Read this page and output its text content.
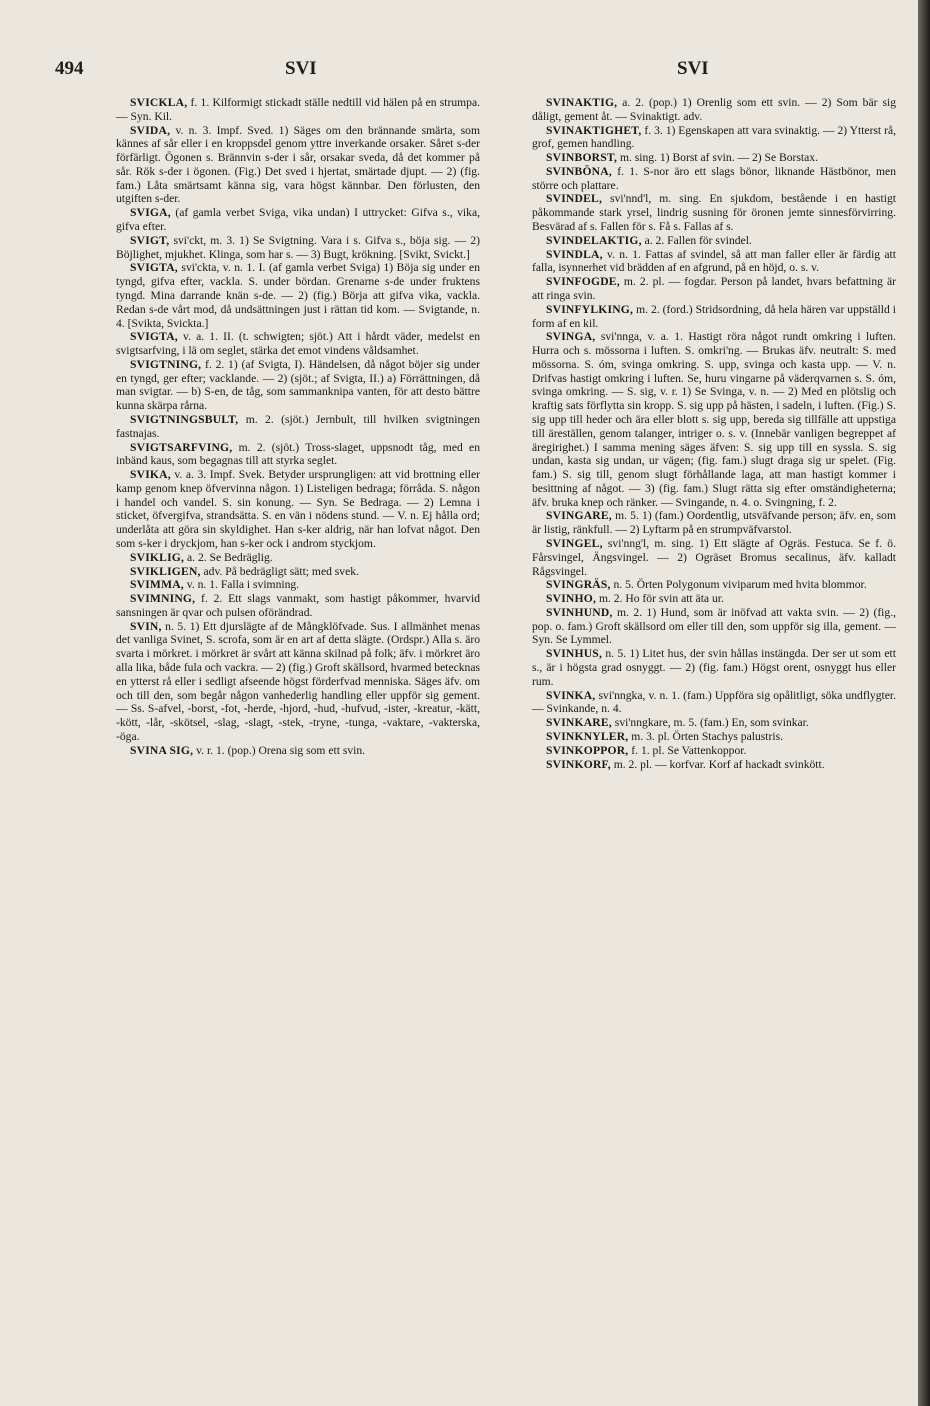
494	SVI	SVI

SVICKLA, f. 1. Kilformigt stickadt ställe nedtill vid hälen på en strumpa. — Syn. Kil.

SVIDA, v. n. 3. Impf. Sved. 1) Säges om den brännande smärta, som kännes af sår eller i en kroppsdel genom yttre inverkande orsaker. Såret s-der förfärligt. Ögonen s. Brännvin s-der i sår, orsakar sveda, då det kommer på sår. Rök s-der i ögonen. (Fig.) Det sved i hjertat, smärtade djupt. — 2) (fig. fam.) Låta smärtsamt känna sig, vara högst kännbar. Den förlusten, den utgiften s-der.

SVIGA, (af gamla verbet Sviga, vika undan) I uttrycket: Gifva s., vika, gifva efter.

SVIGT, svi'ckt, m. 3. 1) Se Svigtning. Vara i s. Gifva s., böja sig. — 2) Böjlighet, mjukhet. Klinga, som har s. — 3) Bugt, krökning. [Svikt, Svickt.]

SVIGTA, svi'ckta, v. n. 1. I. (af gamla verbet Sviga) 1) Böja sig under en tyngd, gifva efter, vackla. S. under bördan. Grenarne s-de under fruktens tyngd. Mina darrande knän s-de. — 2) (fig.) Börja att gifva vika, vackla. Redan s-de vårt mod, då undsättningen just i rättan tid kom. — Svigtande, n. 4. [Svikta, Svickta.]

SVIGTA, v. a. 1. II. (t. schwigten; sjöt.) Att i hårdt väder, medelst en svigtsarfving, i lä om seglet, stärka det emot vindens våldsamhet.

SVIGTNING, f. 2. 1) (af Svigta, I). Händelsen, då något böjer sig under en tyngd, ger efter; vacklande. — 2) (sjöt.; af Svigta, II.) a) Förrättningen, då man svigtar. — b) S-en, de tåg, som sammanknipa vanten, för att desto bättre kunna skärpa rårna.

SVIGTNINGSBULT, m. 2. (sjöt.) Jernbult, till hvilken svigtningen fastnajas.

SVIGTSARFVING, m. 2. (sjöt.) Tross-slaget, uppsnodt tåg, med en inbänd kaus, som begagnas till att styrka seglet.

SVIKA, v. a. 3. Impf. Svek. Betyder ursprungligen: att vid brottning eller kamp genom knep öfvervinna någon. 1) Listeligen bedraga; förråda. S. någon i handel och vandel. S. sin konung. — Syn. Se Bedraga. — 2) Lemna i sticket, öfvergifva, strandsätta. S. en vän i nödens stund. — V. n. Ej hålla ord; underlåta att göra sin skyldighet. Han s-ker aldrig, när han lofvat något. Den som s-ker i dryckjom, han s-ker ock i androm styckjom.

SVIKLIG, a. 2. Se Bedräglig.

SVIKLIGEN, adv. På bedrägligt sätt; med svek.

SVIMMA, v. n. 1. Falla i svimning.

SVIMNING, f. 2. Ett slags vanmakt, som hastigt påkommer, hvarvid sansningen är qvar och pulsen oförändrad.

SVIN, n. 5. 1) Ett djurslägte af de Mångklöfvade. Sus. I allmänhet menas det vanliga Svinet, S. scrofa, som är en art af detta slägte. (Ordspr.) Alla s. äro svarta i mörkret. i mörkret är svårt att känna skilnad på folk; äfv. i mörkret äro alla lika, både fula och vackra. — 2) (fig.) Groft skällsord, hvarmed betecknas en ytterst rå eller i sedligt afseende högst förderfvad menniska. Säges äfv. om och till den, som begår någon vanhederlig handling eller uppför sig gement. — Ss. S-afvel, -borst, -fot, -herde, -hjord, -hud, -hufvud, -ister, -kreatur, -kätt, -kött, -lår, -skötsel, -slag, -slagt, -stek, -tryne, -tunga, -vaktare, -vakterska, -öga.

SVINA SIG, v. r. 1. (pop.) Orena sig som ett svin.

SVINAKTIG, a. 2. (pop.) 1) Orenlig som ett svin. — 2) Som bär sig dåligt, gement åt. — Svinaktigt. adv.

SVINAKTIGHET, f. 3. 1) Egenskapen att vara svinaktig. — 2) Ytterst rå, grof, gemen handling.

SVINBORST, m. sing. 1) Borst af svin. — 2) Se Borstax.

SVINBÖNA, f. 1. S-nor äro ett slags bönor, liknande Hästbönor, men större och plattare.

SVINDEL, svi'nnd'l, m. sing. En sjukdom, bestående i en hastigt påkommande stark yrsel, lindrig susning för öronen jemte sinnesförvirring. Besvärad af s. Fallen för s. Få s. Fallas af s.

SVINDELAKTIG, a. 2. Fallen för svindel.

SVINDLA, v. n. 1. Fattas af svindel, så att man faller eller är färdig att falla, isynnerhet vid brädden af en afgrund, på en höjd, o. s. v.

SVINFOGDE, m. 2. pl. — fogdar. Person på landet, hvars befattning är att ringa svin.

SVINFYLKING, m. 2. (ford.) Stridsordning, då hela hären var uppställd i form af en kil.

SVINGA, svi'nnga, v. a. 1. Hastigt röra något rundt omkring i luften. Hurra och s. mössorna i luften. S. omkri'ng. — Brukas äfv. neutralt: S. med mössorna. S. óm, svinga omkring. S. upp, svinga och kasta upp. — V. n. Drifvas hastigt omkring i luften. Se, huru vingarne på väderqvarnen s. S. óm, svinga omkring. — S. sig, v. r. 1) Se Svinga, v. n. — 2) Med en plötslig och kraftig sats förflytta sin kropp. S. sig upp på hästen, i sadeln, i luften. (Fig.) S. sig upp till heder och ära eller blott s. sig upp, bereda sig tillfälle att uppstiga till äreställen, genom talanger, intriger o. s. v. (Innebär vanligen begreppet af äregirighet.) I samma mening säges äfven: S. sig upp till en syssla. S. sig undan, kasta sig undan, ur vägen; (fig. fam.) slugt draga sig ur spelet. (Fig. fam.) S. sig till, genom slugt förhållande laga, att man hastigt kommer i besittning af något. — 3) (fig. fam.) Slugt rätta sig efter omständigheterna; äfv. bruka knep och ränker. — Svingande, n. 4. o. Svingning, f. 2.

SVINGARE, m. 5. 1) (fam.) Oordentlig, utsväfvande person; äfv. en, som är listig, ränkfull. — 2) Lyftarm på en strumpväfvarstol.

SVINGEL, svi'nng'l, m. sing. 1) Ett slägte af Ogräs. Festuca. Se f. ö. Fårsvingel, Ängsvingel. — 2) Ogräset Bromus secalinus, äfv. kalladt Rågsvingel.

SVINGRÄS, n. 5. Örten Polygonum viviparum med hvita blommor.

SVINHO, m. 2. Ho för svin att äta ur.

SVINHUND, m. 2. 1) Hund, som är inöfvad att vakta svin. — 2) (fig., pop. o. fam.) Groft skällsord om eller till den, som uppför sig illa, gement. — Syn. Se Lymmel.

SVINHUS, n. 5. 1) Litet hus, der svin hållas instängda. Der ser ut som ett s., är i högsta grad osnyggt. — 2) (fig. fam.) Högst orent, osnyggt hus eller rum.

SVINKA, svi'nngka, v. n. 1. (fam.) Uppföra sig opålitligt, söka undflygter. — Svinkande, n. 4.

SVINKARE, svi'nngkare, m. 5. (fam.) En, som svinkar.

SVINKNYLER, m. 3. pl. Örten Stachys palustris.

SVINKOPPOR, f. 1. pl. Se Vattenkoppor.

SVINKORF, m. 2. pl. — korfvar. Korf af hackadt svinkött.
